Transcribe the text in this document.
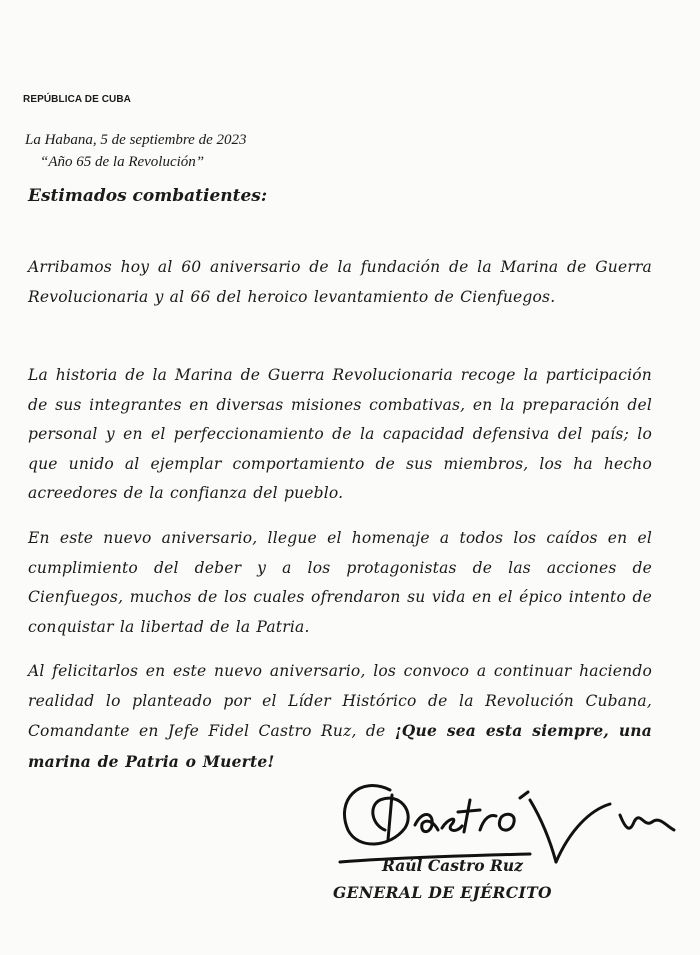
REPÚBLICA DE CUBA
La Habana, 5 de septiembre de 2023
“Año 65 de la Revolución”
Estimados combatientes:

Arribamos hoy al 60 aniversario de la fundación de la Marina de Guerra Revolucionaria y al 66 del heroico levantamiento de Cienfuegos.

La historia de la Marina de Guerra Revolucionaria recoge la participación de sus integrantes en diversas misiones combativas, en la preparación del personal y en el perfeccionamiento de la capacidad defensiva del país; lo que unido al ejemplar comportamiento de sus miembros, los ha hecho acreedores de la confianza del pueblo.

En este nuevo aniversario, llegue el homenaje a todos los caídos en el cumplimiento del deber y a los protagonistas de las acciones de Cienfuegos, muchos de los cuales ofrendaron su vida en el épico intento de conquistar la libertad de la Patria.

Al felicitarlos en este nuevo aniversario, los convoco a continuar haciendo realidad lo planteado por el Líder Histórico de la Revolución Cubana, Comandante en Jefe Fidel Castro Ruz, de ¡Que sea esta siempre, una marina de Patria o Muerte!

Raúl Castro Ruz
GENERAL DE EJÉRCITO
